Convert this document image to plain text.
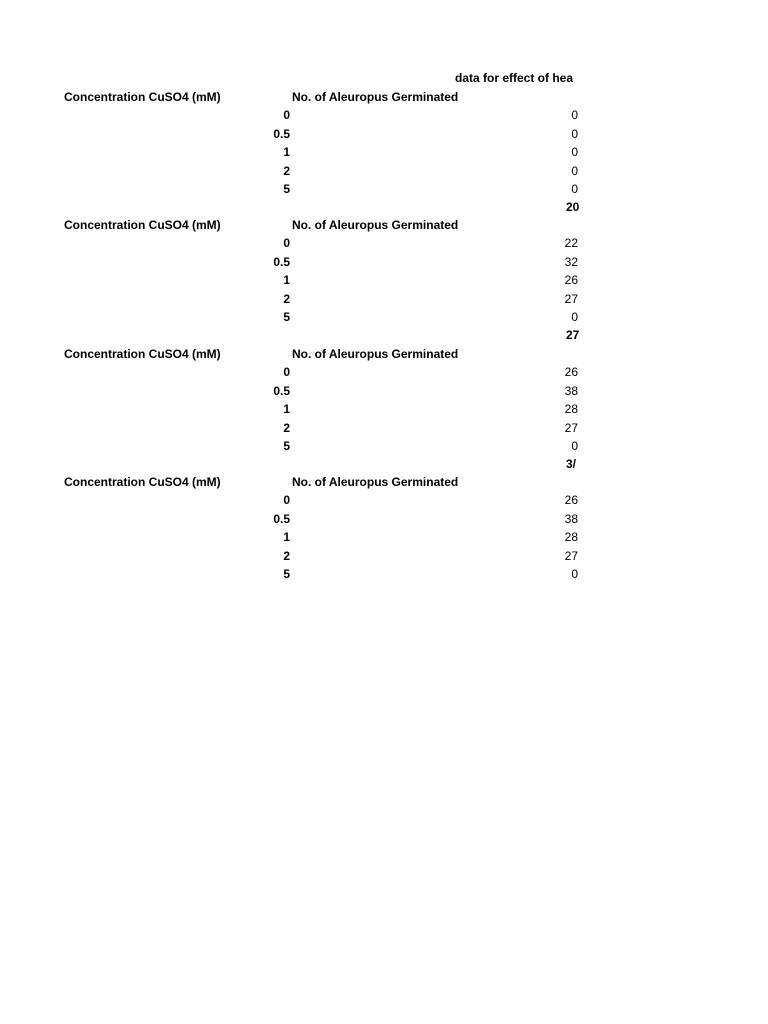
data for effect of hea
Concentration CuSO4 (mM)	No. of Aleuropus Germinated
0	0
0.5	0
1	0
2	0
5	0
20
Concentration CuSO4 (mM)	No. of Aleuropus Germinated
0	22
0.5	32
1	26
2	27
5	0
27
Concentration CuSO4 (mM)	No. of Aleuropus Germinated
0	26
0.5	38
1	28
2	27
5	0
3/
Concentration CuSO4 (mM)	No. of Aleuropus Germinated
0	26
0.5	38
1	28
2	27
5	0
